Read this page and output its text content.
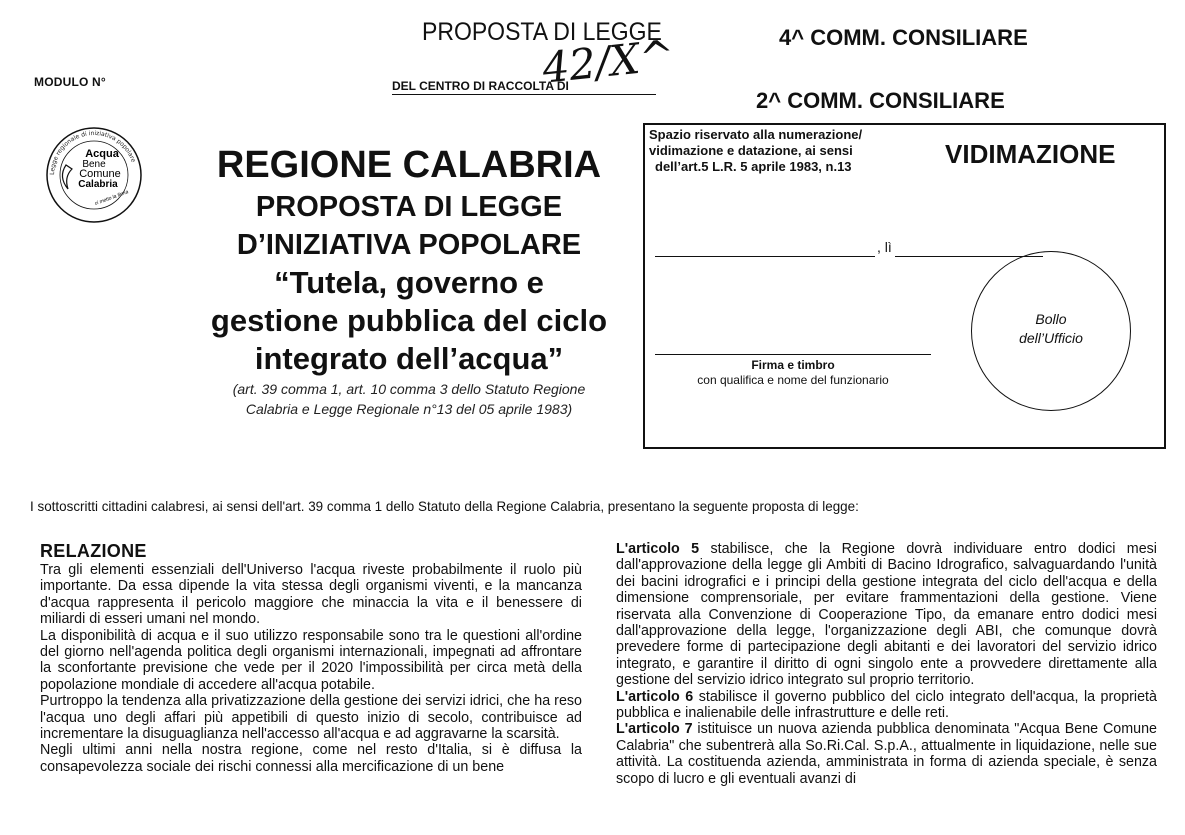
MODULO N°
PROPOSTA DI LEGGE
42/X^
DEL CENTRO DI RACCOLTA DI
4^ COMM. CONSILIARE
2^ COMM. CONSILIARE
Legge regionale di iniziativa popolare
Acqua
Bene
Comune
Calabria
ci metto la firma
REGIONE CALABRIA
PROPOSTA DI LEGGE
D’INIZIATIVA POPOLARE
“Tutela, governo e
gestione pubblica del ciclo
integrato dell’acqua”
(art. 39 comma 1, art. 10 comma 3 dello Statuto Regione
Calabria e Legge Regionale n°13 del 05 aprile 1983)
Spazio riservato alla numerazione/
vidimazione e datazione, ai sensi
dell’art.5 L.R. 5 aprile 1983, n.13	VIDIMAZIONE
, lì
Firma e timbro
con qualifica e nome del funzionario
Bollo
dell’Ufficio
I sottoscritti cittadini calabresi, ai sensi dell'art. 39 comma 1 dello Statuto della Regione Calabria, presentano la seguente proposta di legge:
RELAZIONE

Tra gli elementi essenziali dell'Universo l'acqua riveste probabilmente il ruolo più importante. Da essa dipende la vita stessa degli organismi viventi, e la mancanza d'acqua rappresenta il pericolo maggiore che minaccia la vita e il benessere di miliardi di esseri umani nel mondo.

La disponibilità di acqua e il suo utilizzo responsabile sono tra le questioni all'ordine del giorno nell'agenda politica degli organismi internazionali, impegnati ad affrontare la sconfortante previsione che vede per il 2020 l'impossibilità per circa metà della popolazione mondiale di accedere all'acqua potabile.

Purtroppo la tendenza alla privatizzazione della gestione dei servizi idrici, che ha reso l'acqua uno degli affari più appetibili di questo inizio di secolo, contribuisce ad incrementare la disuguaglianza nell'accesso all'acqua e ad aggravarne la scarsità.

Negli ultimi anni nella nostra regione, come nel resto d'Italia, si è diffusa la consapevolezza sociale dei rischi connessi alla mercificazione di un bene

L'articolo 5 stabilisce, che la Regione dovrà individuare entro dodici mesi dall'approvazione della legge gli Ambiti di Bacino Idrografico, salvaguardando l'unità dei bacini idrografici e i principi della gestione integrata del ciclo dell'acqua e della dimensione comprensoriale, per evitare frammentazioni della gestione. Viene riservata alla Convenzione di Cooperazione Tipo, da emanare entro dodici mesi dall'approvazione della legge, l'organizzazione degli ABI, che comunque dovrà prevedere forme di partecipazione degli abitanti e dei lavoratori del servizio idrico integrato, e garantire il diritto di ogni singolo ente a provvedere direttamente alla gestione del servizio idrico integrato sul proprio territorio.

L'articolo 6 stabilisce il governo pubblico del ciclo integrato dell'acqua, la proprietà pubblica e inalienabile delle infrastrutture e delle reti.

L'articolo 7 istituisce un nuova azienda pubblica denominata "Acqua Bene Comune Calabria" che subentrerà alla So.Ri.Cal. S.p.A., attualmente in liquidazione, nelle sue attività. La costituenda azienda, amministrata in forma di azienda speciale, è senza scopo di lucro e gli eventuali avanzi di
